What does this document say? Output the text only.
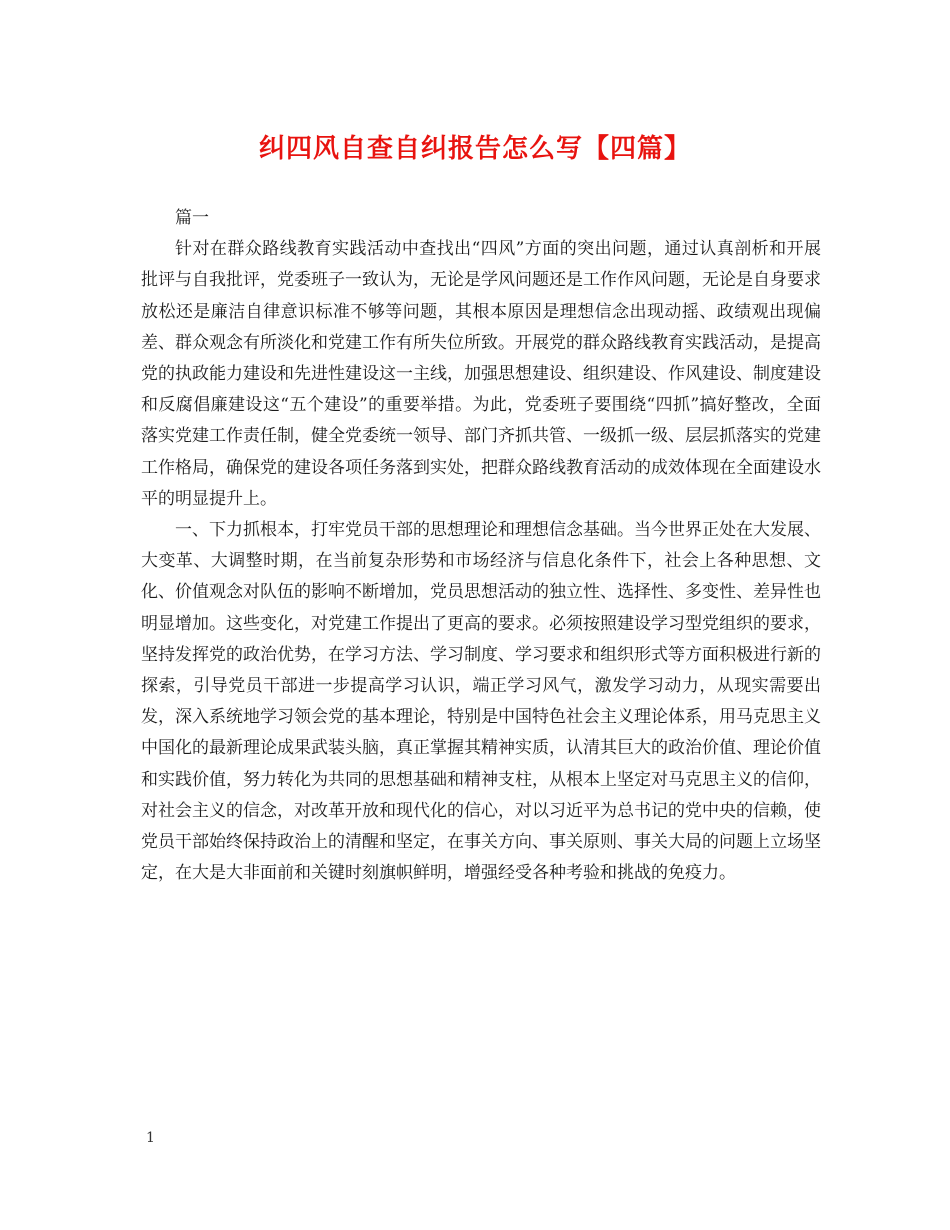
纠四风自查自纠报告怎么写【四篇】

篇一

针对在群众路线教育实践活动中查找出“四风”方面的突出问题，通过认真剖析和开展批评与自我批评，党委班子一致认为，无论是学风问题还是工作作风问题，无论是自身要求放松还是廉洁自律意识标准不够等问题，其根本原因是理想信念出现动摇、政绩观出现偏差、群众观念有所淡化和党建工作有所失位所致。开展党的群众路线教育实践活动，是提高党的执政能力建设和先进性建设这一主线，加强思想建设、组织建设、作风建设、制度建设和反腐倡廉建设这“五个建设”的重要举措。为此，党委班子要围绕“四抓”搞好整改，全面落实党建工作责任制，健全党委统一领导、部门齐抓共管、一级抓一级、层层抓落实的党建工作格局，确保党的建设各项任务落到实处，把群众路线教育活动的成效体现在全面建设水平的明显提升上。

一、下力抓根本，打牢党员干部的思想理论和理想信念基础。当今世界正处在大发展、大变革、大调整时期，在当前复杂形势和市场经济与信息化条件下，社会上各种思想、文化、价值观念对队伍的影响不断增加，党员思想活动的独立性、选择性、多变性、差异性也明显增加。这些变化，对党建工作提出了更高的要求。必须按照建设学习型党组织的要求，坚持发挥党的政治优势，在学习方法、学习制度、学习要求和组织形式等方面积极进行新的探索，引导党员干部进一步提高学习认识，端正学习风气，激发学习动力，从现实需要出发，深入系统地学习领会党的基本理论，特别是中国特色社会主义理论体系，用马克思主义中国化的最新理论成果武装头脑，真正掌握其精神实质，认清其巨大的政治价值、理论价值和实践价值，努力转化为共同的思想基础和精神支柱，从根本上坚定对马克思主义的信仰，对社会主义的信念，对改革开放和现代化的信心，对以习近平为总书记的党中央的信赖，使党员干部始终保持政治上的清醒和坚定，在事关方向、事关原则、事关大局的问题上立场坚定，在大是大非面前和关键时刻旗帜鲜明，增强经受各种考验和挑战的免疫力。

1
